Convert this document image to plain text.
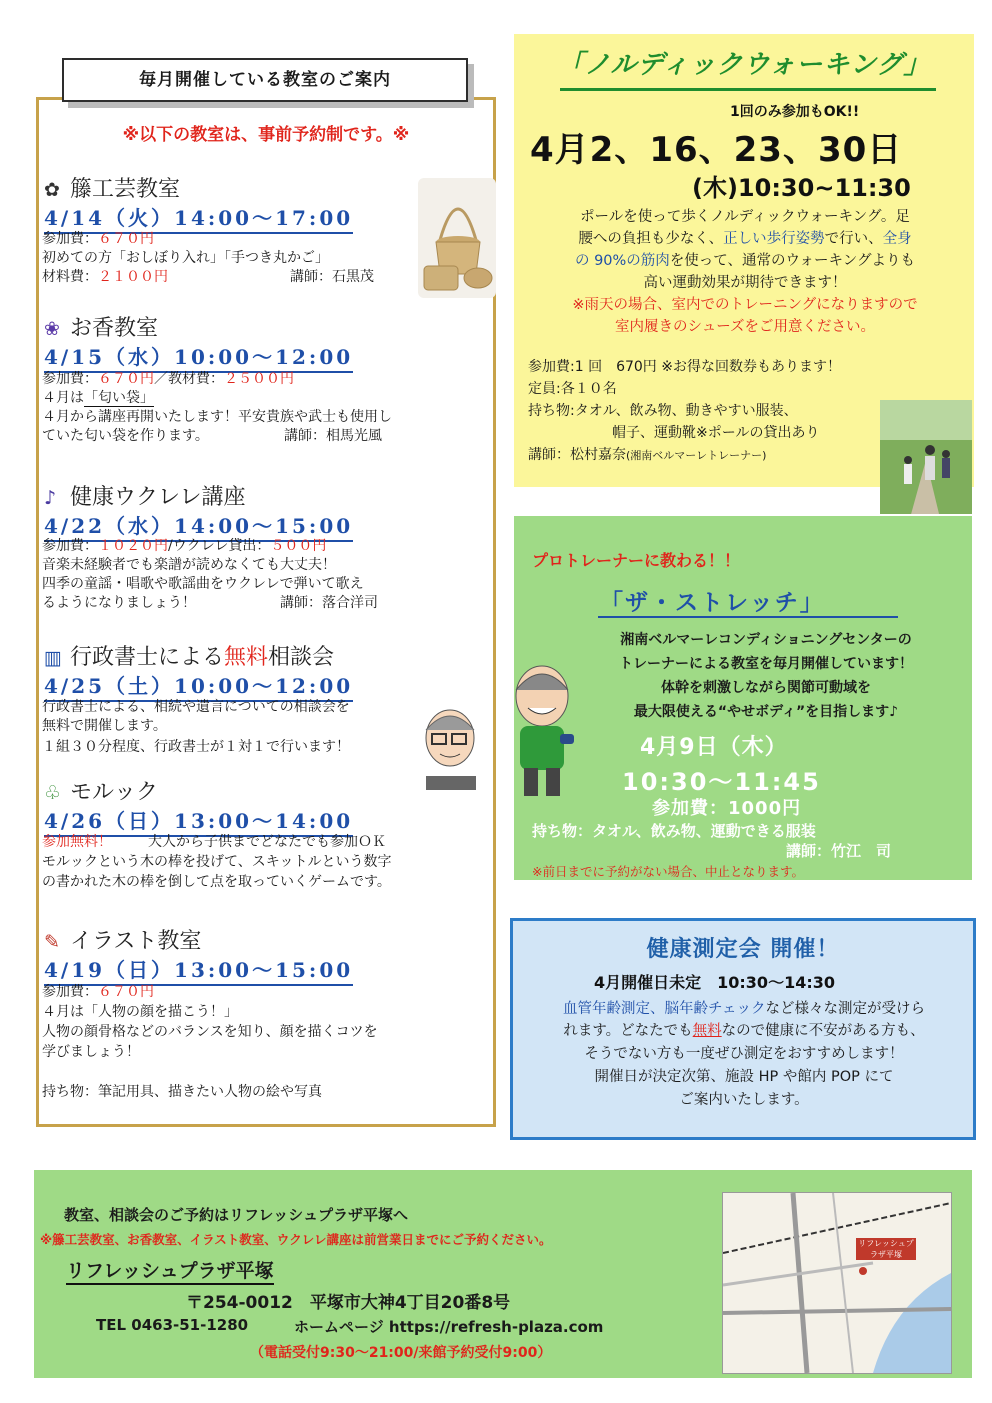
毎月開催している教室のご案内
※以下の教室は、事前予約制です。※
✿ 籐工芸教室
4/14（火）14:00～17:00
参加費：６７０円
初めての方「おしぼり入れ」「手つき丸かご」
材料費：２１００円	講師：石黒茂
❀ お香教室
4/15（水）10:00～12:00
参加費：６７０円／教材費：２５００円
４月は「匂い袋」
４月から講座再開いたします！平安貴族や武士も使用し
ていた匂い袋を作ります。	講師：相馬光風
♪ 健康ウクレレ講座
4/22（水）14:00～15:00
参加費：１０２０円/ウクレレ貸出：５００円
音楽未経験者でも楽譜が読めなくても大丈夫！
四季の童謡・唱歌や歌謡曲をウクレレで弾いて歌え
るようになりましょう！	講師：落合洋司
▥ 行政書士による無料相談会
4/25（土）10:00～12:00
行政書士による、相続や遺言についての相談会を
無料で開催します。
１組３０分程度、行政書士が１対１で行います！
♧ モルック
4/26（日）13:00～14:00
参加無料！	大人から子供までどなたでも参加ＯＫ
モルックという木の棒を投げて、スキットルという数字
の書かれた木の棒を倒して点を取っていくゲームです。
✎ イラスト教室
4/19（日）13:00～15:00
参加費：６７０円
４月は「人物の顔を描こう！」
人物の顔骨格などのバランスを知り、顔を描くコツを
学びましょう！
持ち物：筆記用具、描きたい人物の絵や写真
「ノルディックウォーキング」
1回のみ参加もOK!!
4月2、16、23、30日
(木)10:30~11:30
ポールを使って歩くノルディックウォーキング。足
腰への負担も少なく、正しい歩行姿勢で行い、全身
の 90%の筋肉を使って、通常のウォーキングよりも
高い運動効果が期待できます！
※雨天の場合、室内でのトレーニングになりますので
室内履きのシューズをご用意ください。
参加費:1 回　670円 ※お得な回数券もあります！
定員:各１０名
持ち物:タオル、飲み物、動きやすい服装、
帽子、運動靴※ポールの貸出あり
講師：松村嘉奈(湘南ベルマーレトレーナー)
プロトレーナーに教わる！！
「ザ・ストレッチ」
湘南ベルマーレコンディショニングセンターの
トレーナーによる教室を毎月開催しています！
体幹を刺激しながら関節可動域を
最大限使える“やせボディ”を目指します♪
4月9日（木）
10:30～11:45
参加費：1000円
持ち物：タオル、飲み物、運動できる服装
講師：竹江　司
※前日までに予約がない場合、中止となります。
健康測定会 開催！
4月開催日未定　10:30～14:30
血管年齢測定、脳年齢チェックなど様々な測定が受けら
れます。どなたでも無料なので健康に不安がある方も、
そうでない方も一度ぜひ測定をおすすめします！
開催日が決定次第、施設 HP や館内 POP にて
ご案内いたします。
教室、相談会のご予約はリフレッシュプラザ平塚へ
※籐工芸教室、お香教室、イラスト教室、ウクレレ講座は前営業日までにご予約ください。
リフレッシュプラザ平塚
〒254-0012　平塚市大神4丁目20番8号
TEL 0463-51-1280	ホームページ https://refresh-plaza.com
（電話受付9:30～21:00/来館予約受付9:00）
リフレッシュプラザ平塚
